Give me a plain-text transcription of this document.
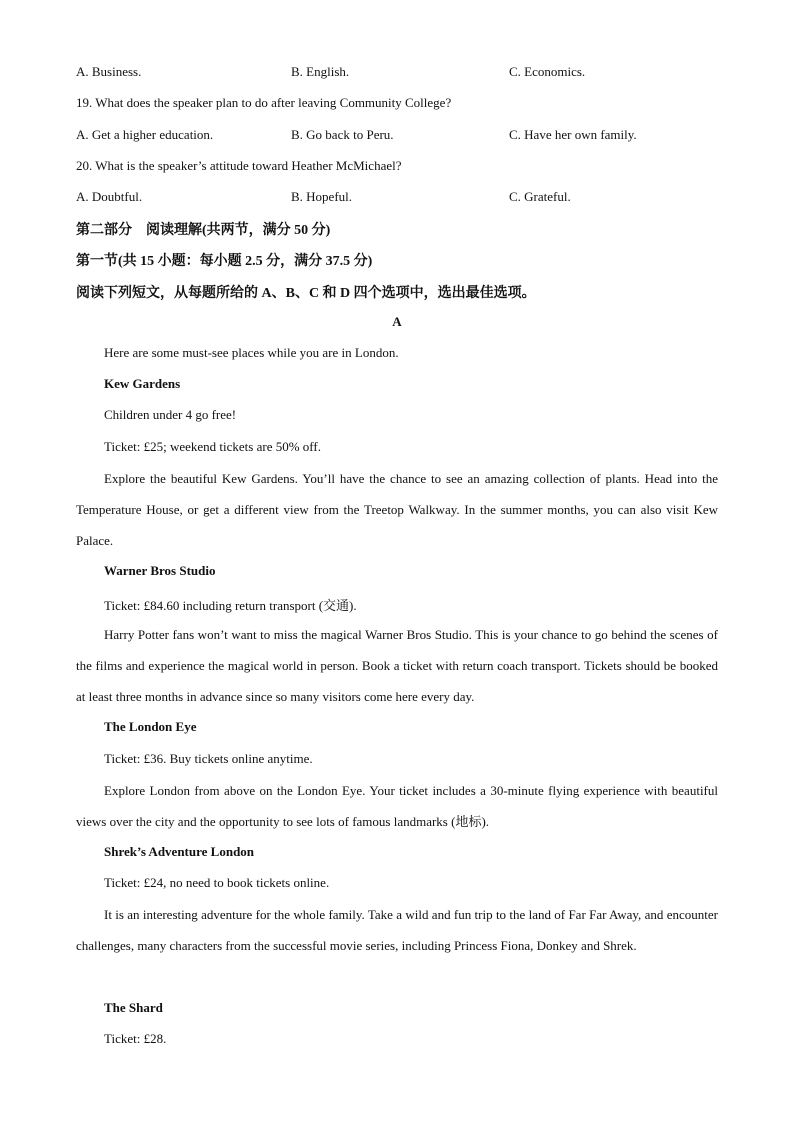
A. Business.	B. English.	C. Economics.
19. What does the speaker plan to do after leaving Community College?
A. Get a higher education.	B. Go back to Peru.	C. Have her own family.
20. What is the speaker’s attitude toward Heather McMichael?
A. Doubtful.	B. Hopeful.	C. Grateful.
第二部分　阅读理解(共两节，满分 50 分)
第一节(共 15 小题：每小题 2.5 分，满分 37.5 分)
阅读下列短文，从每题所给的 A、B、C 和 D 四个选项中，选出最佳选项。
A
Here are some must-see places while you are in London.
Kew Gardens
Children under 4 go free!
Ticket: £25; weekend tickets are 50% off.
Explore the beautiful Kew Gardens. You’ll have the chance to see an amazing collection of plants. Head into the Temperature House, or get a different view from the Treetop Walkway. In the summer months, you can also visit Kew Palace.
Warner Bros Studio
Ticket: £84.60 including return transport (交通).
Harry Potter fans won’t want to miss the magical Warner Bros Studio. This is your chance to go behind the scenes of the films and experience the magical world in person. Book a ticket with return coach transport. Tickets should be booked at least three months in advance since so many visitors come here every day.
The London Eye
Ticket: £36. Buy tickets online anytime.
Explore London from above on the London Eye. Your ticket includes a 30-minute flying experience with beautiful views over the city and the opportunity to see lots of famous landmarks (地标).
Shrek’s Adventure London
Ticket: £24, no need to book tickets online.
It is an interesting adventure for the whole family. Take a wild and fun trip to the land of Far Far Away, and encounter challenges, many characters from the successful movie series, including Princess Fiona, Donkey and Shrek.
The Shard
Ticket: £28.
